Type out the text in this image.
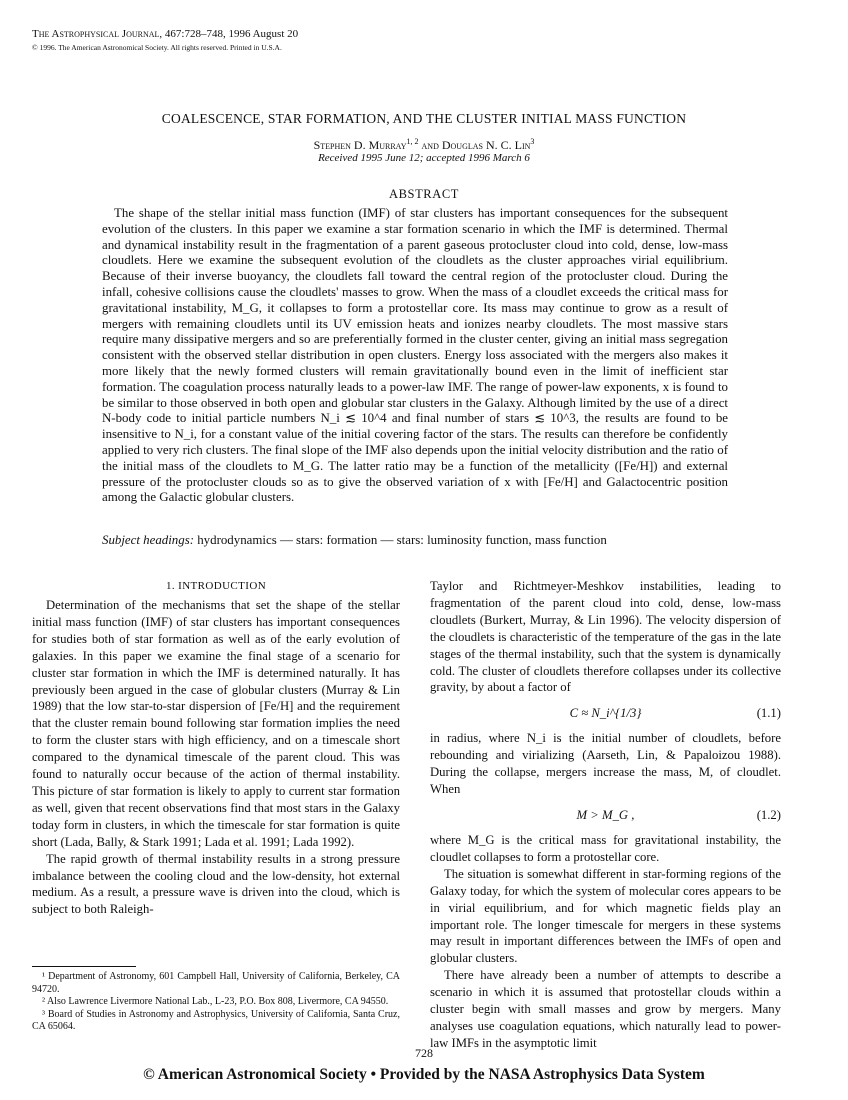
The Astrophysical Journal, 467:728–748, 1996 August 20
© 1996. The American Astronomical Society. All rights reserved. Printed in U.S.A.
COALESCENCE, STAR FORMATION, AND THE CLUSTER INITIAL MASS FUNCTION
Stephen D. Murray$^{1, 2}$ and Douglas N. C. Lin$^3$
Received 1995 June 12; accepted 1996 March 6
ABSTRACT

The shape of the stellar initial mass function (IMF) of star clusters has important consequences for the subsequent evolution of the clusters. In this paper we examine a star formation scenario in which the IMF is determined. Thermal and dynamical instability result in the fragmentation of a parent gaseous protocluster cloud into cold, dense, low-mass cloudlets. Here we examine the subsequent evolution of the cloudlets as the cluster approaches virial equilibrium. Because of their inverse buoyancy, the cloudlets fall toward the central region of the protocluster cloud. During the infall, cohesive collisions cause the cloudlets' masses to grow. When the mass of a cloudlet exceeds the critical mass for gravitational instability, M_G, it collapses to form a protostellar core. Its mass may continue to grow as a result of mergers with remaining cloudlets until its UV emission heats and ionizes nearby cloudlets. The most massive stars require many dissipative mergers and so are preferentially formed in the cluster center, giving an initial mass segregation consistent with the observed stellar distribution in open clusters. Energy loss associated with the mergers also makes it more likely that the newly formed clusters will remain gravitationally bound even in the limit of inefficient star formation. The coagulation process naturally leads to a power-law IMF. The range of power-law exponents, x is found to be similar to those observed in both open and globular star clusters in the Galaxy. Although limited by the use of a direct N-body code to initial particle numbers N_i ≲ 10^4 and final number of stars ≲ 10^3, the results are found to be insensitive to N_i, for a constant value of the initial covering factor of the stars. The results can therefore be confidently applied to very rich clusters. The final slope of the IMF also depends upon the initial velocity distribution and the ratio of the initial mass of the cloudlets to M_G. The latter ratio may be a function of the metallicity ([Fe/H]) and external pressure of the protocluster clouds so as to give the observed variation of x with [Fe/H] and Galactocentric position among the Galactic globular clusters.

Subject headings: hydrodynamics — stars: formation — stars: luminosity function, mass function

1. INTRODUCTION

Determination of the mechanisms that set the shape of the stellar initial mass function (IMF) of star clusters has important consequences for studies both of star formation as well as of the early evolution of galaxies. In this paper we examine the final stage of a scenario for cluster star formation in which the IMF is determined naturally. It has previously been argued in the case of globular clusters (Murray & Lin 1989) that the low star-to-star dispersion of [Fe/H] and the requirement that the cluster remain bound following star formation implies the need to form the cluster stars with high efficiency, and on a timescale short compared to the dynamical timescale of the parent cloud. This was found to naturally occur because of the action of thermal instability. This picture of star formation is likely to apply to current star formation as well, given that recent observations find that most stars in the Galaxy today form in clusters, in which the timescale for star formation is quite short (Lada, Bally, & Stark 1991; Lada et al. 1991; Lada 1992).

The rapid growth of thermal instability results in a strong pressure imbalance between the cooling cloud and the low-density, hot external medium. As a result, a pressure wave is driven into the cloud, which is subject to both Raleigh-

Taylor and Richtmeyer-Meshkov instabilities, leading to fragmentation of the parent cloud into cold, dense, low-mass cloudlets (Burkert, Murray, & Lin 1996). The velocity dispersion of the cloudlets is characteristic of the temperature of the gas in the late stages of the thermal instability, such that the system is dynamically cold. The cluster of cloudlets therefore collapses under its collective gravity, by about a factor of

C ≈ N_i^{1/3}	(1.1)

in radius, where N_i is the initial number of cloudlets, before rebounding and virializing (Aarseth, Lin, & Papaloizou 1988). During the collapse, mergers increase the mass, M, of cloudlet. When

M > M_G ,	(1.2)

where M_G is the critical mass for gravitational instability, the cloudlet collapses to form a protostellar core.

The situation is somewhat different in star-forming regions of the Galaxy today, for which the system of molecular cores appears to be in virial equilibrium, and for which magnetic fields play an important role. The longer timescale for mergers in these systems may result in important differences between the IMFs of open and globular clusters.

There have already been a number of attempts to describe a scenario in which it is assumed that protostellar clouds within a cluster begin with small masses and grow by mergers. Many analyses use coagulation equations, which naturally lead to power-law IMFs in the asymptotic limit

¹ Department of Astronomy, 601 Campbell Hall, University of California, Berkeley, CA 94720.

² Also Lawrence Livermore National Lab., L-23, P.O. Box 808, Livermore, CA 94550.

³ Board of Studies in Astronomy and Astrophysics, University of California, Santa Cruz, CA 65064.

728
© American Astronomical Society • Provided by the NASA Astrophysics Data System
